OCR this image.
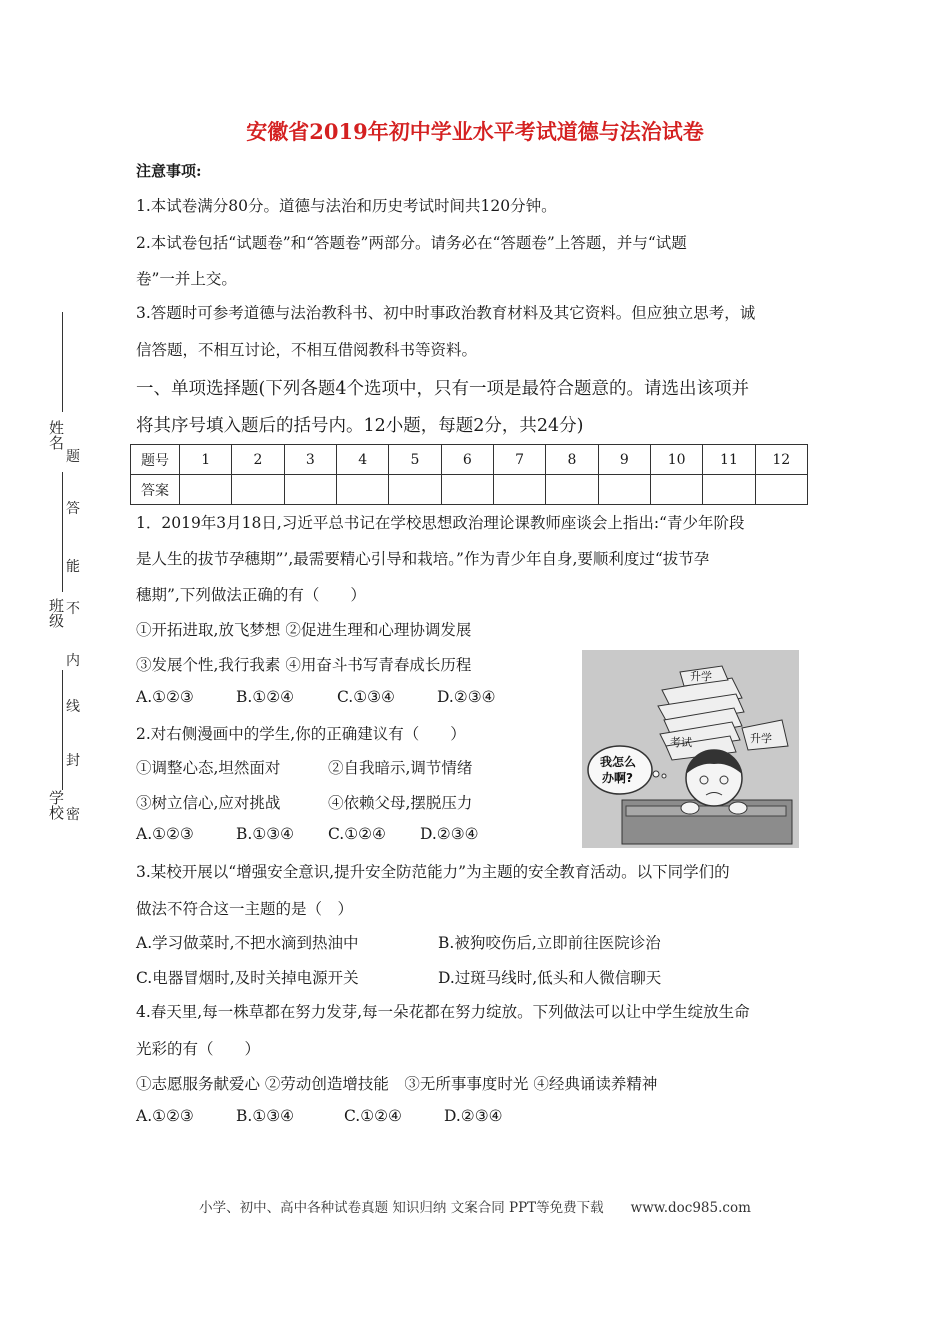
安徽省2019年初中学业水平考试道德与法治试卷
注意事项:
1.本试卷满分80分。道德与法治和历史考试时间共120分钟。
2.本试卷包括“试题卷”和“答题卷”两部分。请务必在“答题卷”上答题，并与“试题
卷”一并上交。
3.答题时可参考道德与法治教科书、初中时事政治教育材料及其它资料。但应独立思考，诚
信答题，不相互讨论，不相互借阅教科书等资料。
一、单项选择题(下列各题4个选项中，只有一项是最符合题意的。请选出该项并
将其序号填入题后的括号内。12小题，每题2分，共24分)
姓名
题
答
能
不
班级
内
线
封
学校 密
题号	1	2	3	4	5	6	7	8	9	10	11	12
答案												
1．2019年3月18日,习近平总书记在学校思想政治理论课教师座谈会上指出:“青少年阶段
是人生的拔节孕穗期”’,最需要精心引导和栽培。”作为青少年自身,要顺利度过“拔节孕
穗期”,下列做法正确的有（　　）
①开拓进取,放飞梦想 ②促进生理和心理协调发展
③发展个性,我行我素 ④用奋斗书写青春成长历程
A.①②③	B.①②④	C.①③④	D.②③④
2.对右侧漫画中的学生,你的正确建议有（　　）
①调整心态,坦然面对	②自我暗示,调节情绪
③树立信心,应对挑战	④依赖父母,摆脱压力
A.①②③	B.①③④ C.①②④ D.②③④
升学
考试	升学
我怎么
办啊?
3.某校开展以“增强安全意识,提升安全防范能力”为主题的安全教育活动。以下同学们的
做法不符合这一主题的是（　）
A.学习做菜时,不把水滴到热油中	B.被狗咬伤后,立即前往医院诊治
C.电器冒烟时,及时关掉电源开关	D.过斑马线时,低头和人微信聊天
4.春天里,每一株草都在努力发芽,每一朵花都在努力绽放。下列做法可以让中学生绽放生命
光彩的有（　　）
①志愿服务献爱心 ②劳动创造增技能　③无所事事度时光 ④经典诵读养精神
A.①②③	B.①③④	C.①②④	D.②③④
小学、初中、高中各种试卷真题 知识归纳 文案合同 PPT等免费下载　　www.doc985.com
